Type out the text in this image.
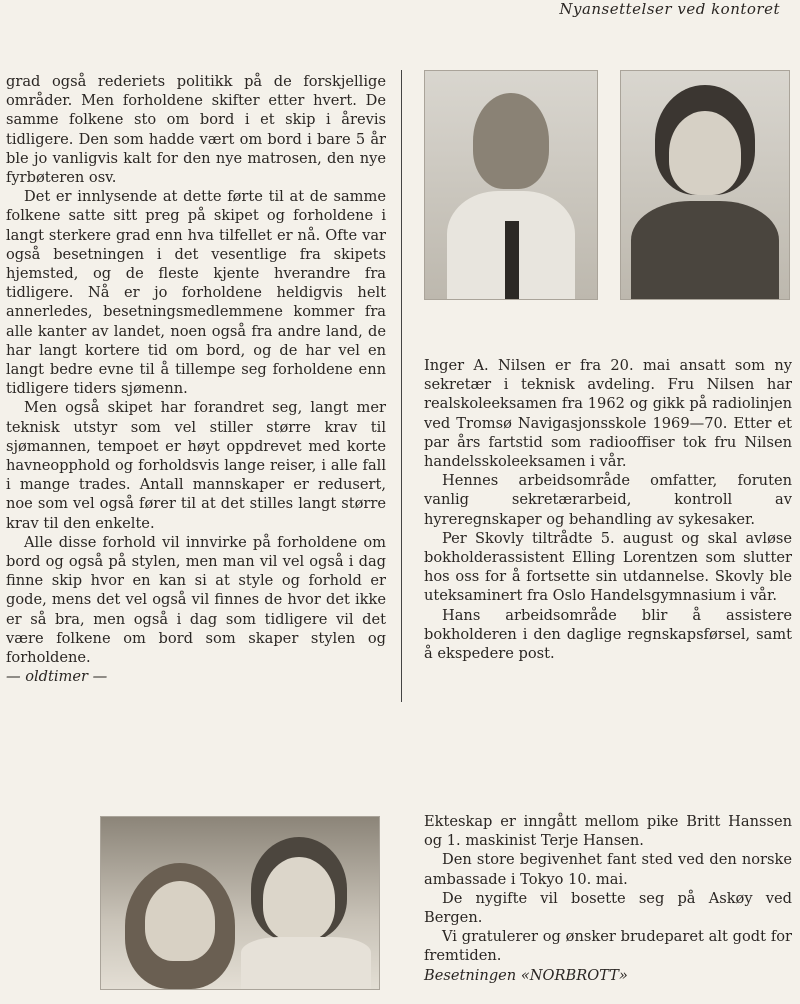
Nyansettelser ved kontoret

grad også rederiets politikk på de forskjellige områder. Men forholdene skifter etter hvert. De samme folkene sto om bord i et skip i årevis tidligere. Den som hadde vært om bord i bare 5 år ble jo vanligvis kalt for den nye matrosen, den nye fyrbøteren osv.

Det er innlysende at dette førte til at de samme folkene satte sitt preg på skipet og forholdene i langt sterkere grad enn hva tilfellet er nå. Ofte var også besetningen i det vesentlige fra skipets hjemsted, og de fleste kjente hverandre fra tidligere. Nå er jo forholdene heldigvis helt annerledes, besetningsmedlemmene kommer fra alle kanter av landet, noen også fra andre land, de har langt kortere tid om bord, og de har vel en langt bedre evne til å tillempe seg forholdene enn tidligere tiders sjømenn.

Men også skipet har forandret seg, langt mer teknisk utstyr som vel stiller større krav til sjømannen, tempoet er høyt oppdrevet med korte havneopphold og forholdsvis lange reiser, i alle fall i mange trades. Antall mannskaper er redusert, noe som vel også fører til at det stilles langt større krav til den enkelte.

Alle disse forhold vil innvirke på forholdene om bord og også på stylen, men man vil vel også i dag finne skip hvor en kan si at style og forhold er gode, mens det vel også vil finnes de hvor det ikke er så bra, men også i dag som tidligere vil det være folkene om bord som skaper stylen og forholdene.

— oldtimer —

Inger A. Nilsen er fra 20. mai ansatt som ny sekretær i teknisk avdeling. Fru Nilsen har realskoleeksamen fra 1962 og gikk på radiolinjen ved Tromsø Navigasjonsskole 1969—70. Etter et par års fartstid som radiooffiser tok fru Nilsen handelsskoleeksamen i vår.

Hennes arbeidsområde omfatter, foruten vanlig sekretærarbeid, kontroll av hyreregnskaper og behandling av sykesaker.

Per Skovly tiltrådte 5. august og skal avløse bokholderassistent Elling Lorentzen som slutter hos oss for å fortsette sin utdannelse. Skovly ble uteksaminert fra Oslo Handelsgymnasium i vår.

Hans arbeidsområde blir å assistere bokholderen i den daglige regnskapsførsel, samt å ekspedere post.

Ekteskap er inngått mellom pike Britt Hanssen og 1. maskinist Terje Hansen.

Den store begivenhet fant sted ved den norske ambassade i Tokyo 10. mai.

De nygifte vil bosette seg på Askøy ved Bergen.

Vi gratulerer og ønsker brudeparet alt godt for fremtiden.

Besetningen «NORBROTT»
